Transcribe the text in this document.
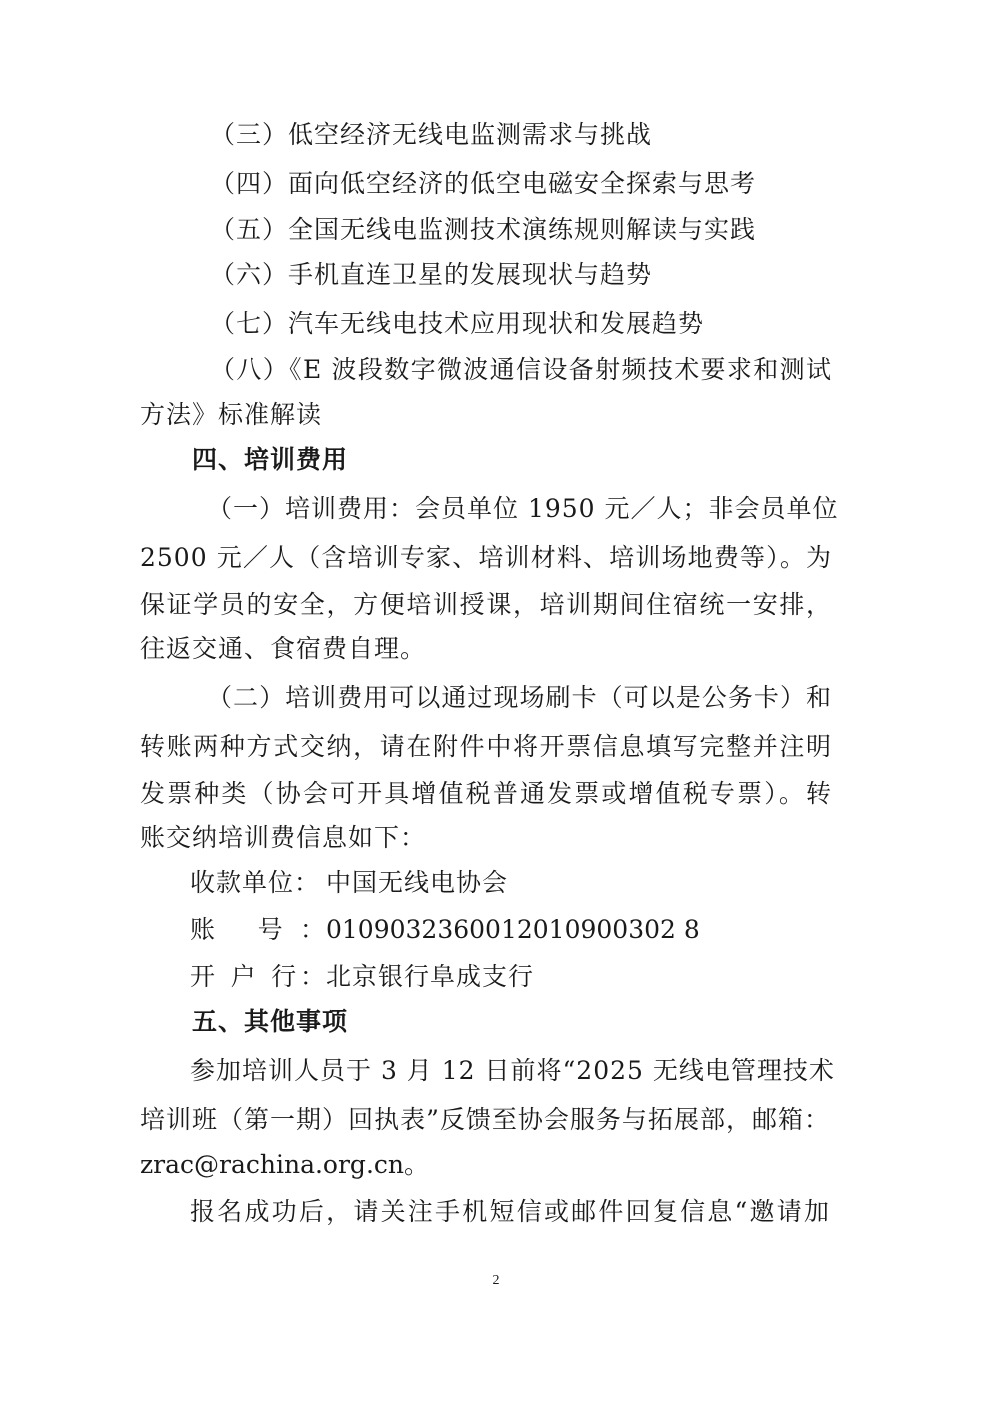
（三）低空经济无线电监测需求与挑战
（四）面向低空经济的低空电磁安全探索与思考
（五）全国无线电监测技术演练规则解读与实践
（六）手机直连卫星的发展现状与趋势
（七）汽车无线电技术应用现状和发展趋势
（八）《E 波段数字微波通信设备射频技术要求和测试
方法》标准解读
四、培训费用
（一）培训费用：会员单位 1950 元／人；非会员单位
2500 元／人（含培训专家、培训材料、培训场地费等）。为
保证学员的安全，方便培训授课，培训期间住宿统一安排，
往返交通、食宿费自理。
（二）培训费用可以通过现场刷卡（可以是公务卡）和
转账两种方式交纳，请在附件中将开票信息填写完整并注明
发票种类（协会可开具增值税普通发票或增值税专票）。转
账交纳培训费信息如下：
收款单位： 中国无线电协会
账 号： 0109032360012010900302 8
开 户 行： 北京银行阜成支行
五、其他事项
参加培训人员于 3 月 12 日前将“2025 无线电管理技术
培训班（第一期）回执表”反馈至协会服务与拓展部，邮箱：
zrac@rachina.org.cn。
报名成功后，请关注手机短信或邮件回复信息“邀请加
2
